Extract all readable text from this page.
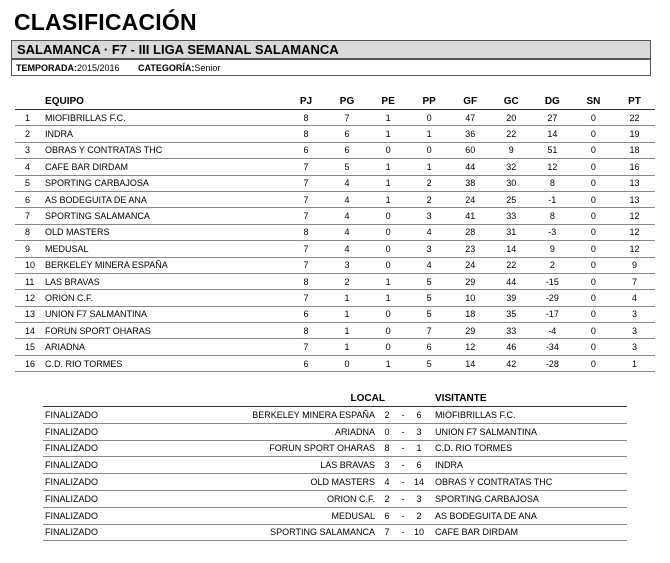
CLASIFICACIÓN
SALAMANCA · F7 - III LIGA SEMANAL SALAMANCA
TEMPORADA:2015/2016 CATEGORÍA:Senior
	EQUIPO	PJ	PG	PE	PP	GF	GC	DG	SN	PT
1	MIOFIBRILLAS F.C.	8	7	1	0	47	20	27	0	22
2	INDRA	8	6	1	1	36	22	14	0	19
3	OBRAS Y CONTRATAS THC	6	6	0	0	60	9	51	0	18
4	CAFE BAR DIRDAM	7	5	1	1	44	32	12	0	16
5	SPORTING CARBAJOSA	7	4	1	2	38	30	8	0	13
6	AS BODEGUITA DE ANA	7	4	1	2	24	25	-1	0	13
7	SPORTING SALAMANCA	7	4	0	3	41	33	8	0	12
8	OLD MASTERS	8	4	0	4	28	31	-3	0	12
9	MEDUSAL	7	4	0	3	23	14	9	0	12
10	BERKELEY MINERA ESPAÑA	7	3	0	4	24	22	2	0	9
11	LAS BRAVAS	8	2	1	5	29	44	-15	0	7
12	ORION C.F.	7	1	1	5	10	39	-29	0	4
13	UNION F7 SALMANTINA	6	1	0	5	18	35	-17	0	3
14	FORUN SPORT OHARAS	8	1	0	7	29	33	-4	0	3
15	ARIADNA	7	1	0	6	12	46	-34	0	3
16	C.D. RIO TORMES	6	0	1	5	14	42	-28	0	1
	LOCAL				VISITANTE
FINALIZADO	BERKELEY MINERA ESPAÑA	2	-	6	MIOFIBRILLAS F.C.
FINALIZADO	ARIADNA	0	-	3	UNION F7 SALMANTINA
FINALIZADO	FORUN SPORT OHARAS	8	-	1	C.D. RIO TORMES
FINALIZADO	LAS BRAVAS	3	-	6	INDRA
FINALIZADO	OLD MASTERS	4	-	14	OBRAS Y CONTRATAS THC
FINALIZADO	ORION C.F.	2	-	3	SPORTING CARBAJOSA
FINALIZADO	MEDUSAL	6	-	2	AS BODEGUITA DE ANA
FINALIZADO	SPORTING SALAMANCA	7	-	10	CAFE BAR DIRDAM
